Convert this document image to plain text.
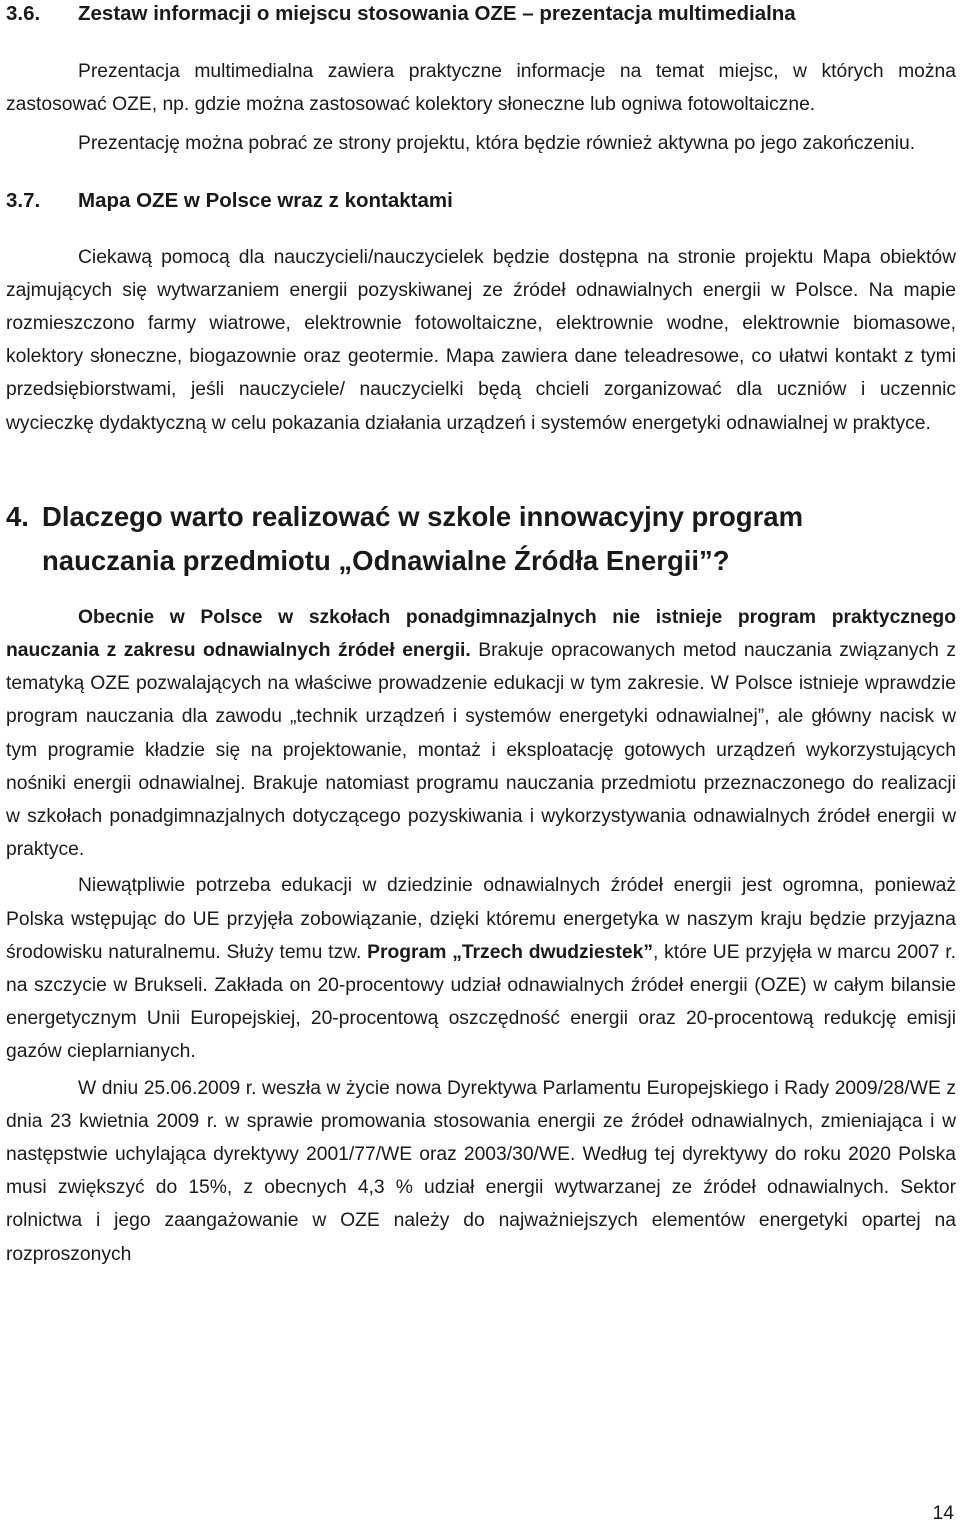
3.6. Zestaw informacji o miejscu stosowania OZE – prezentacja multimedialna

Prezentacja multimedialna zawiera praktyczne informacje na temat miejsc, w których można zastosować OZE, np. gdzie można zastosować kolektory słoneczne lub ogniwa fotowoltaiczne.

Prezentację można pobrać ze strony projektu, która będzie również aktywna po jego zakończeniu.

3.7. Mapa OZE w Polsce wraz z kontaktami

Ciekawą pomocą dla nauczycieli/nauczycielek będzie dostępna na stronie projektu Mapa obiektów zajmujących się wytwarzaniem energii pozyskiwanej ze źródeł odnawialnych energii w Polsce. Na mapie rozmieszczono farmy wiatrowe, elektrownie fotowoltaiczne, elektrownie wodne, elektrownie biomasowe, kolektory słoneczne, biogazownie oraz geotermie. Mapa zawiera dane teleadresowe, co ułatwi kontakt z tymi przedsiębiorstwami, jeśli nauczyciele/ nauczycielki będą chcieli zorganizować dla uczniów i uczennic wycieczkę dydaktyczną w celu pokazania działania urządzeń i systemów energetyki odnawialnej w praktyce.

4. Dlaczego warto realizować w szkole innowacyjny program
nauczania przedmiotu „Odnawialne Źródła Energii”?

Obecnie w Polsce w szkołach ponadgimnazjalnych nie istnieje program praktycznego nauczania z zakresu odnawialnych źródeł energii. Brakuje opracowanych metod nauczania związanych z tematyką OZE pozwalających na właściwe prowadzenie edukacji w tym zakresie. W Polsce istnieje wprawdzie program nauczania dla zawodu „technik urządzeń i systemów energetyki odnawialnej”, ale główny nacisk w tym programie kładzie się na projektowanie, montaż i eksploatację gotowych urządzeń wykorzystujących nośniki energii odnawialnej. Brakuje natomiast programu nauczania przedmiotu przeznaczonego do realizacji w szkołach ponadgimnazjalnych dotyczącego pozyskiwania i wykorzystywania odnawialnych źródeł energii w praktyce.

Niewątpliwie potrzeba edukacji w dziedzinie odnawialnych źródeł energii jest ogromna, ponieważ Polska wstępując do UE przyjęła zobowiązanie, dzięki któremu energetyka w naszym kraju będzie przyjazna środowisku naturalnemu. Służy temu tzw. Program „Trzech dwudziestek”, które UE przyjęła w marcu 2007 r. na szczycie w Brukseli. Zakłada on 20-procentowy udział odnawialnych źródeł energii (OZE) w całym bilansie energetycznym Unii Europejskiej, 20-procentową oszczędność energii oraz 20-procentową redukcję emisji gazów cieplarnianych.

W dniu 25.06.2009 r. weszła w życie nowa Dyrektywa Parlamentu Europejskiego i Rady 2009/28/WE z dnia 23 kwietnia 2009 r. w sprawie promowania stosowania energii ze źródeł odnawialnych, zmieniająca i w następstwie uchylająca dyrektywy 2001/77/WE oraz 2003/30/WE. Według tej dyrektywy do roku 2020 Polska musi zwiększyć do 15%, z obecnych 4,3 % udział energii wytwarzanej ze źródeł odnawialnych. Sektor rolnictwa i jego zaangażowanie w OZE należy do najważniejszych elementów energetyki opartej na rozproszonych

14
